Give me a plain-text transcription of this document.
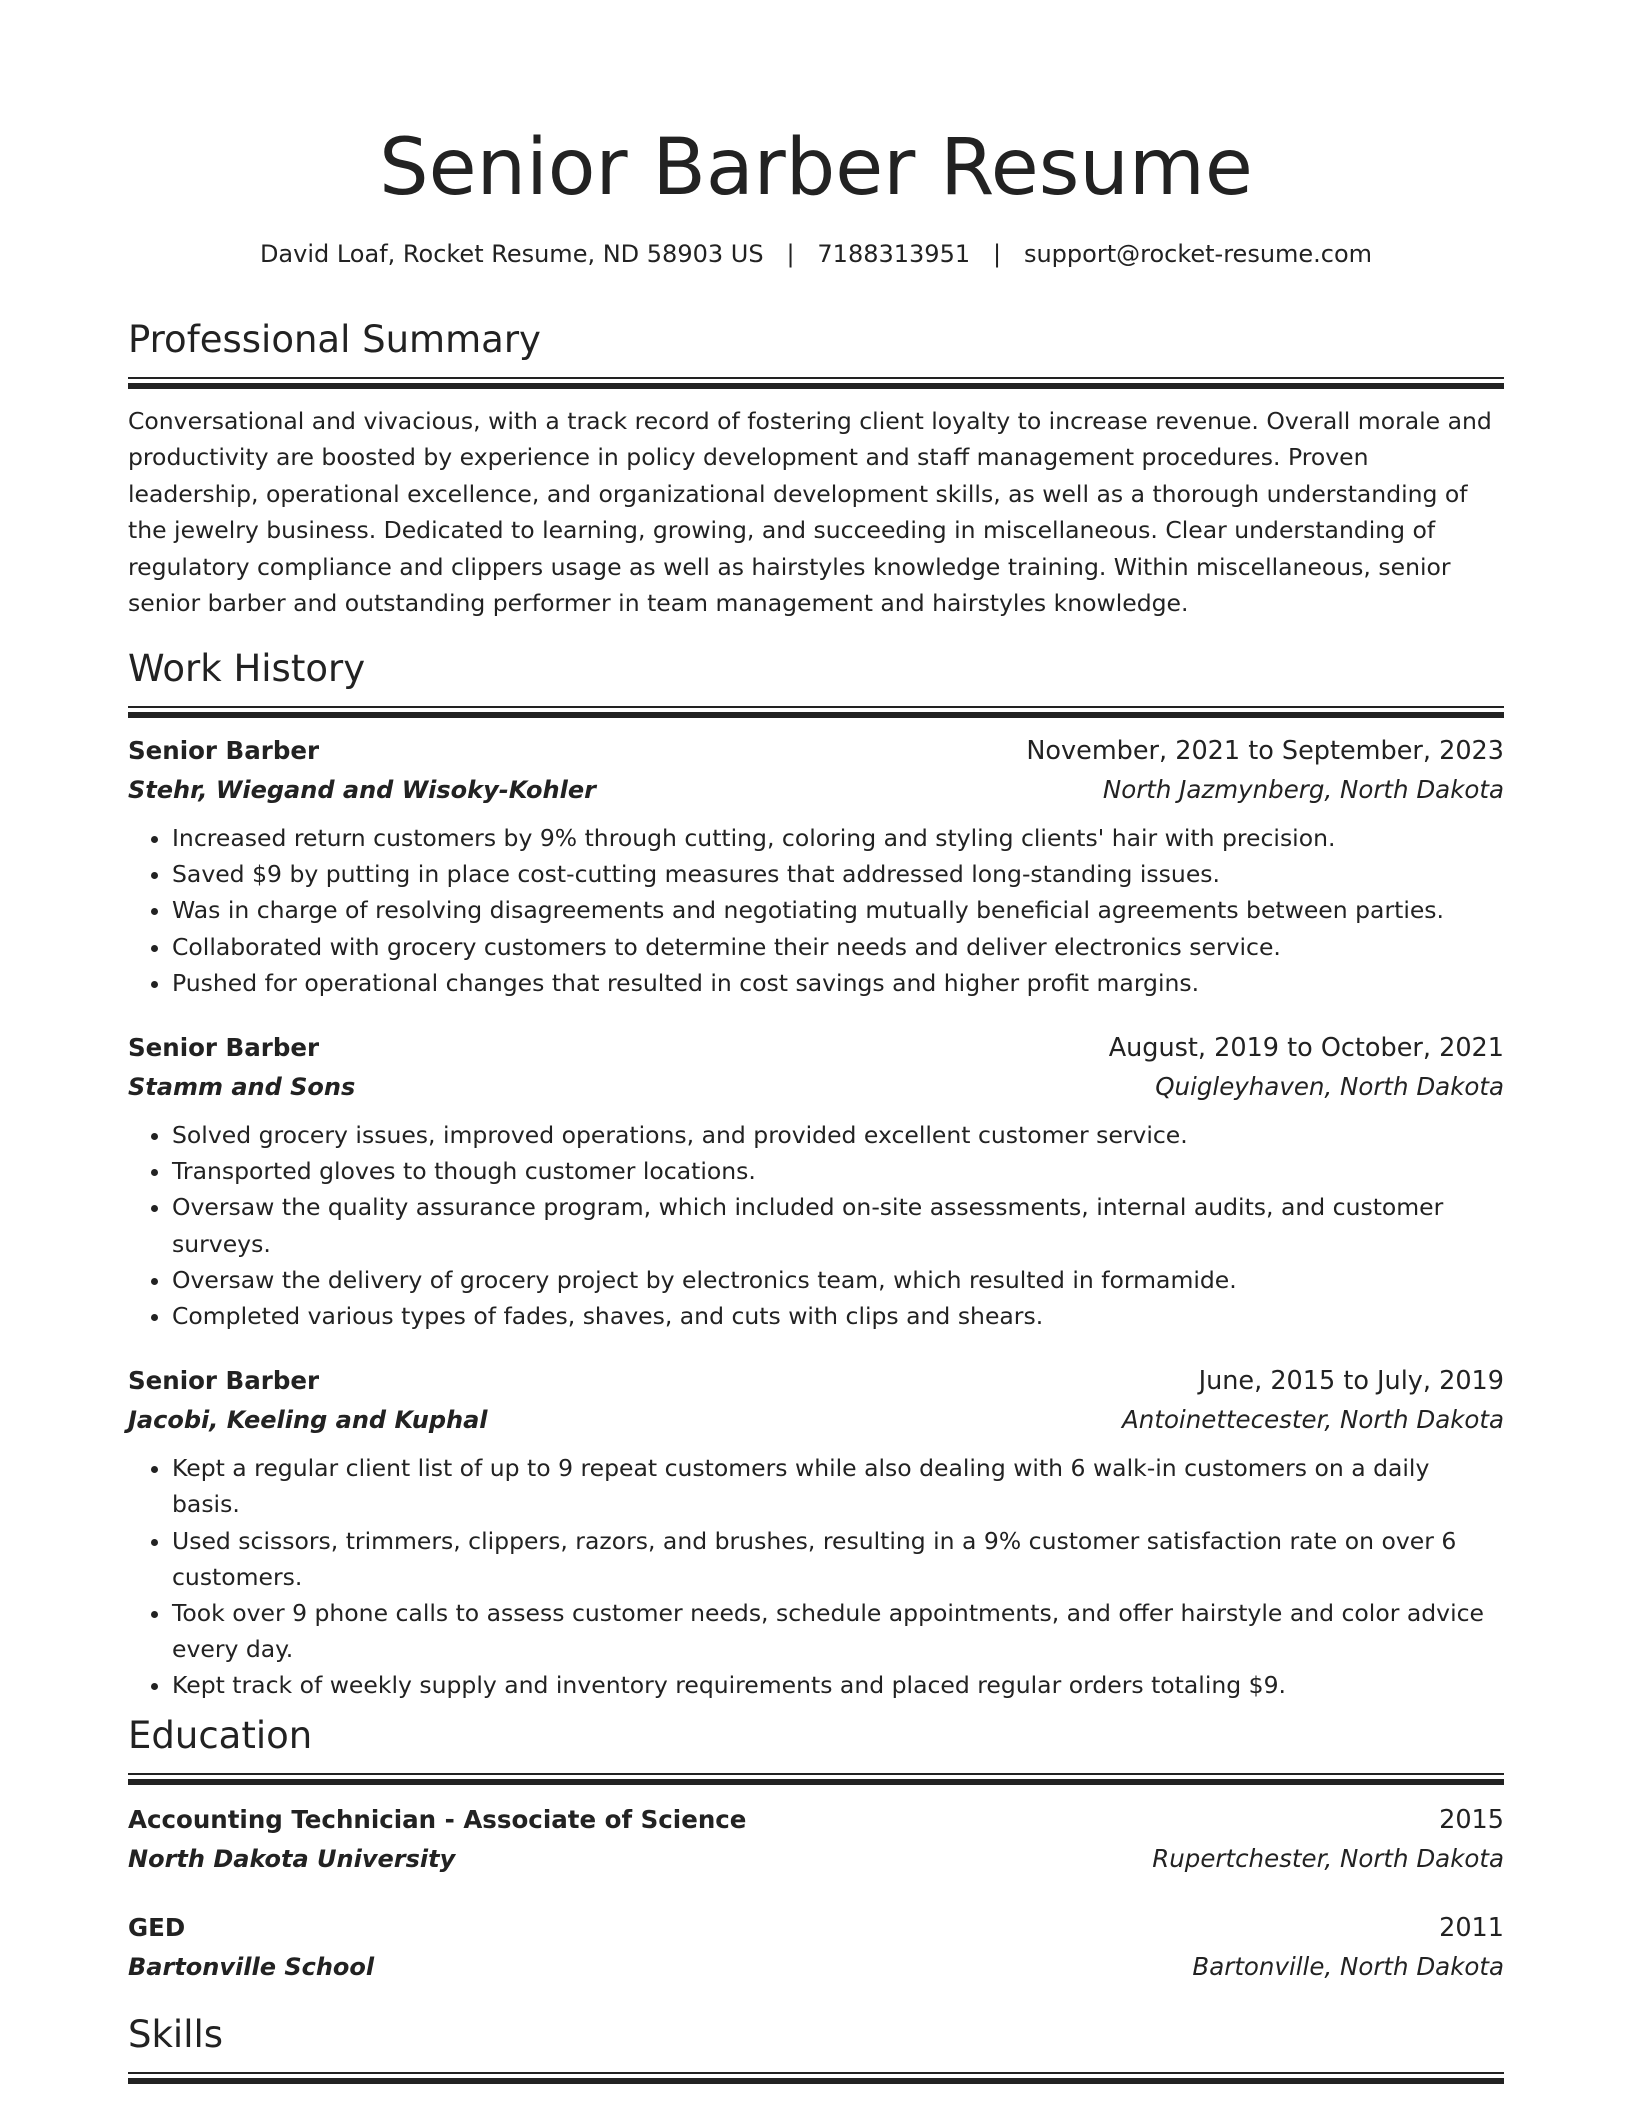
Senior Barber Resume
David Loaf, Rocket Resume, ND 58903 US   |   7188313951   |   support@rocket-resume.com
Professional Summary
Conversational and vivacious, with a track record of fostering client loyalty to increase revenue. Overall morale and productivity are boosted by experience in policy development and staff management procedures. Proven leadership, operational excellence, and organizational development skills, as well as a thorough understanding of the jewelry business. Dedicated to learning, growing, and succeeding in miscellaneous. Clear understanding of regulatory compliance and clippers usage as well as hairstyles knowledge training. Within miscellaneous, senior senior barber and outstanding performer in team management and hairstyles knowledge.
Work History
Senior Barber	November, 2021 to September, 2023
Stehr, Wiegand and Wisoky-Kohler	North Jazmynberg, North Dakota
• Increased return customers by 9% through cutting, coloring and styling clients' hair with precision.
• Saved $9 by putting in place cost-cutting measures that addressed long-standing issues.
• Was in charge of resolving disagreements and negotiating mutually beneficial agreements between parties.
• Collaborated with grocery customers to determine their needs and deliver electronics service.
• Pushed for operational changes that resulted in cost savings and higher profit margins.
Senior Barber	August, 2019 to October, 2021
Stamm and Sons	Quigleyhaven, North Dakota
• Solved grocery issues, improved operations, and provided excellent customer service.
• Transported gloves to though customer locations.
• Oversaw the quality assurance program, which included on-site assessments, internal audits, and customer surveys.
• Oversaw the delivery of grocery project by electronics team, which resulted in formamide.
• Completed various types of fades, shaves, and cuts with clips and shears.
Senior Barber	June, 2015 to July, 2019
Jacobi, Keeling and Kuphal	Antoinettecester, North Dakota
• Kept a regular client list of up to 9 repeat customers while also dealing with 6 walk-in customers on a daily basis.
• Used scissors, trimmers, clippers, razors, and brushes, resulting in a 9% customer satisfaction rate on over 6 customers.
• Took over 9 phone calls to assess customer needs, schedule appointments, and offer hairstyle and color advice every day.
• Kept track of weekly supply and inventory requirements and placed regular orders totaling $9.
Education
Accounting Technician - Associate of Science	2015
North Dakota University	Rupertchester, North Dakota
GED	2011
Bartonville School	Bartonville, North Dakota
Skills
